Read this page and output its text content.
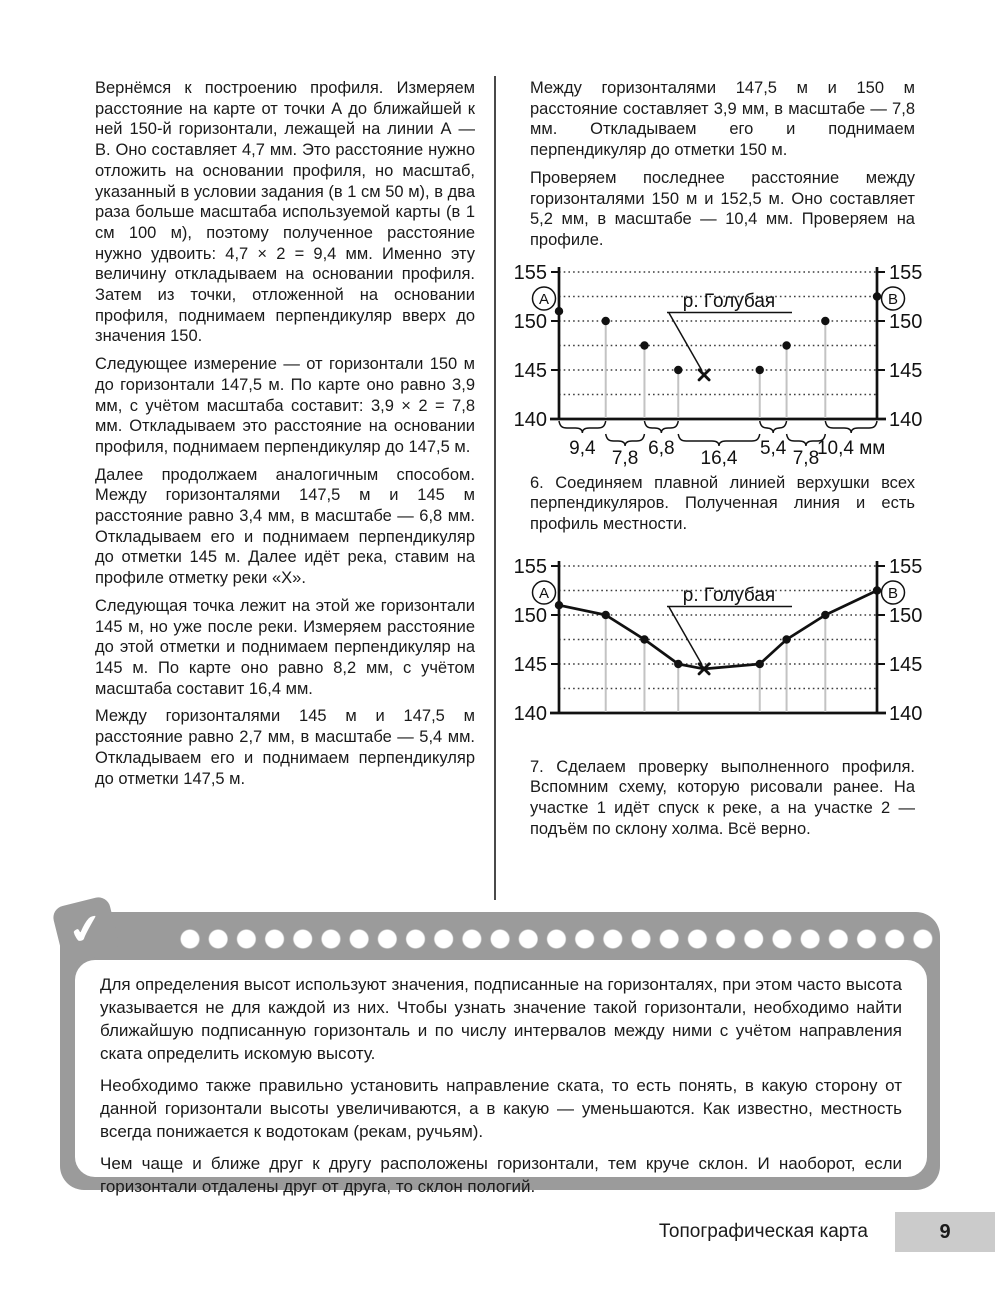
Вернёмся к построению профиля. Измеряем расстояние на карте от точки А до ближайшей к ней 150-й горизонтали, лежащей на линии А — В. Оно составляет 4,7 мм. Это расстояние нужно отложить на основании профиля, но масштаб, указанный в условии задания (в 1 см 50 м), в два раза больше масштаба используемой карты (в 1 см 100 м), поэтому полученное расстояние нужно удвоить: 4,7 × 2 = 9,4 мм. Именно эту величину откладываем на основании профиля. Затем из точки, отложенной на основании профиля, поднимаем перпендикуляр вверх до значения 150.

Следующее измерение — от горизонтали 150 м до горизонтали 147,5 м. По карте оно равно 3,9 мм, с учётом масштаба составит: 3,9 × 2 = 7,8 мм. Откладываем это расстояние на основании профиля, поднимаем перпендикуляр до 147,5 м.

Далее продолжаем аналогичным способом. Между горизонталями 147,5 м и 145 м расстояние равно 3,4 мм, в масштабе — 6,8 мм. Откладываем его и поднимаем перпендикуляр до отметки 145 м. Далее идёт река, ставим на профиле отметку реки «Х».

Следующая точка лежит на этой же горизонтали 145 м, но уже после реки. Измеряем расстояние до этой отметки и поднимаем перпендикуляр на 145 м. По карте оно равно 8,2 мм, с учётом масштаба составит 16,4 мм.

Между горизонталями 145 м и 147,5 м расстояние равно 2,7 мм, в масштабе — 5,4 мм. Откладываем его и поднимаем перпендикуляр до отметки 147,5 м.

Между горизонталями 147,5 м и 150 м расстояние составляет 3,9 мм, в масштабе — 7,8 мм. Откладываем его и поднимаем перпендикуляр до отметки 150 м.

Проверяем последнее расстояние между горизонталями 150 м и 152,5 м. Оно составляет 5,2 мм, в масштабе — 10,4 мм. Проверяем на профиле.

140	140
145	145
150	150
155	155
А	В
р. Голубая
9,4	6,8	5,4 10,4 мм
7,8	16,4	7,8

6. Соединяем плавной линией верхушки всех перпендикуляров. Полученная линия и есть профиль местности.

140	140
145	145
150	150
155	155
А	В
р. Голубая

7. Сделаем проверку выполненного профиля. Вспомним схему, которую рисовали ранее. На участке 1 идёт спуск к реке, а на участке 2 — подъём по склону холма. Всё верно.

✔

Для определения высот используют значения, подписанные на горизонталях, при этом часто высота указывается не для каждой из них. Чтобы узнать значение такой горизонтали, необходимо найти ближайшую подписанную горизонталь и по числу интервалов между ними с учётом направления ската определить искомую высоту.

Необходимо также правильно установить направление ската, то есть понять, в какую сторону от данной горизонтали высоты увеличиваются, а в какую — уменьшаются. Как известно, местность всегда понижается к водотокам (рекам, ручьям).

Чем чаще и ближе друг к другу расположены горизонтали, тем круче склон. И наоборот, если горизонтали отдалены друг от друга, то склон пологий.

Топографическая карта	9
